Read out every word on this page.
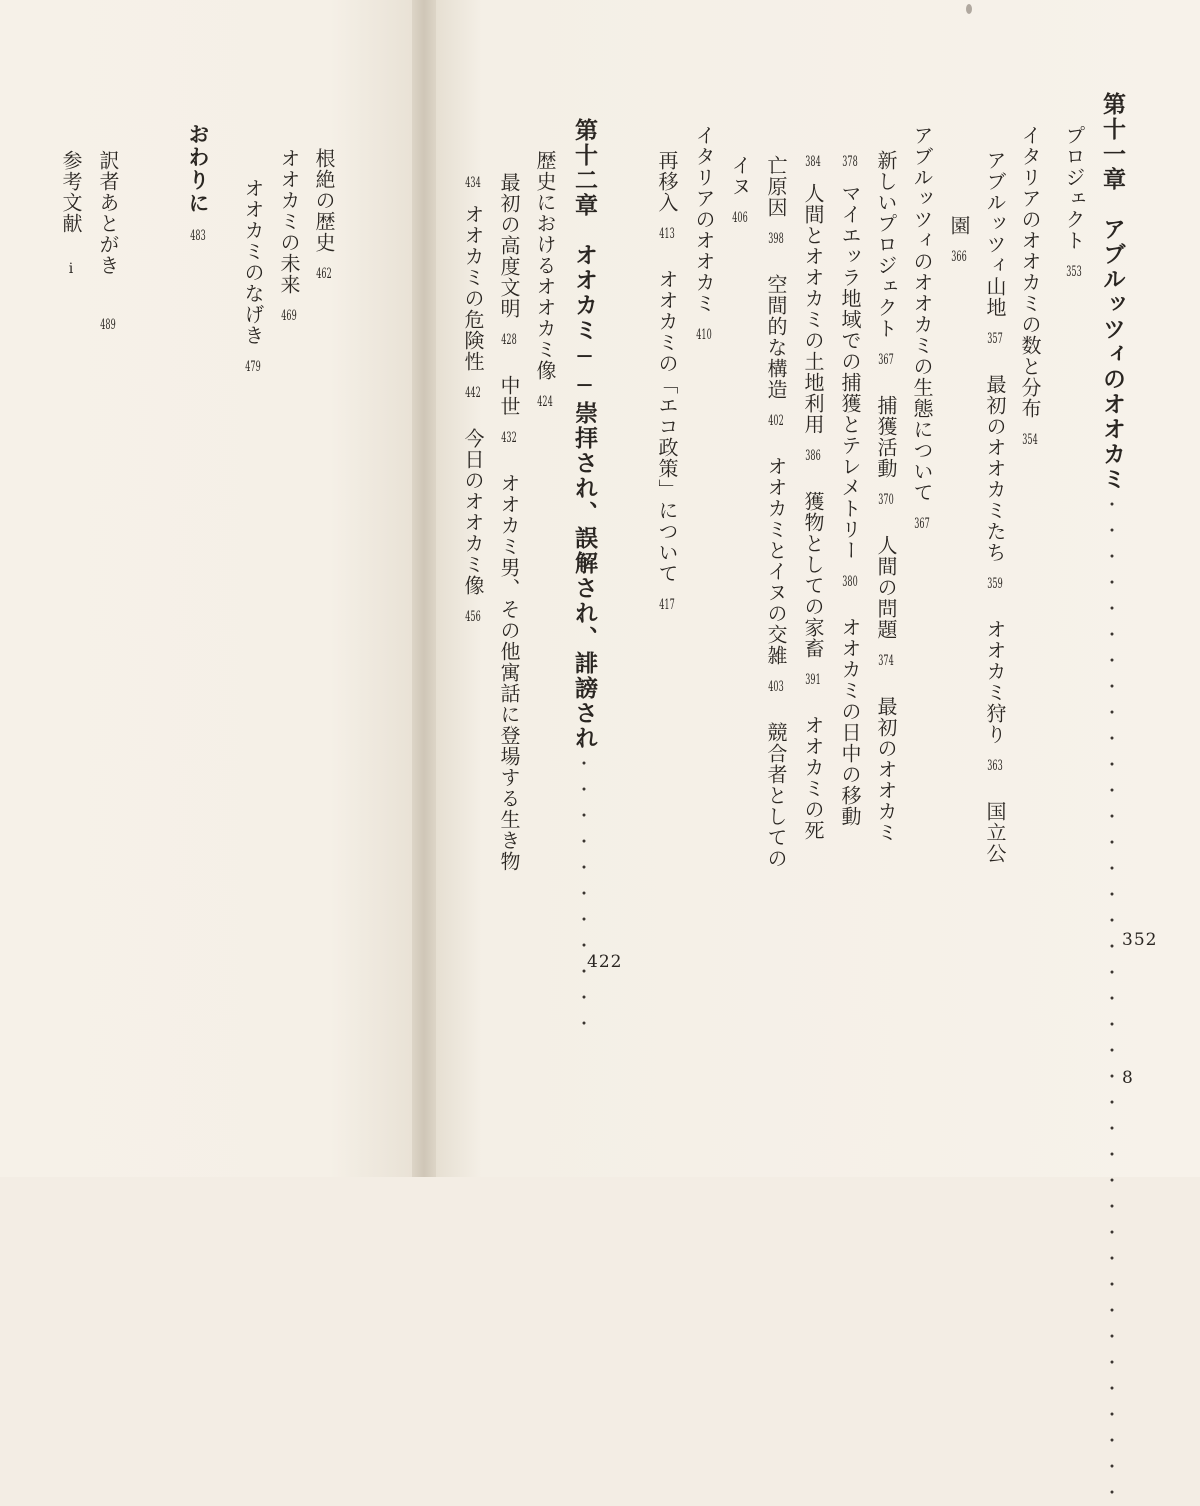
第十一章　アブルッツィのオオカミ·······································
352
プロジェクト353
イタリアのオオカミの数と分布354
アブルッツィ山地357最初のオオカミたち359オオカミ狩り363国立公
園366
アブルッツィのオオカミの生態について367
新しいプロジェクト367捕獲活動370人間の問題374最初のオオカミ
378マイエッラ地域での捕獲とテレメトリー380オオカミの日中の移動
384人間とオオカミの土地利用386獲物としての家畜391オオカミの死
亡原因398空間的な構造402オオカミとイヌの交雑403競合者としての
イヌ406
イタリアのオオカミ410
再移入413オオカミの「エコ政策」について417
第十二章　オオカミ──崇拝され、誤解され、誹謗され···········
422
歴史におけるオオカミ像424
最初の高度文明428中世432オオカミ男、その他寓話に登場する生き物
434オオカミの危険性442今日のオオカミ像456
根絶の歴史462
オオカミの未来469
オオカミのなげき479
おわりに483
訳者あとがき489
参考文献i
8
